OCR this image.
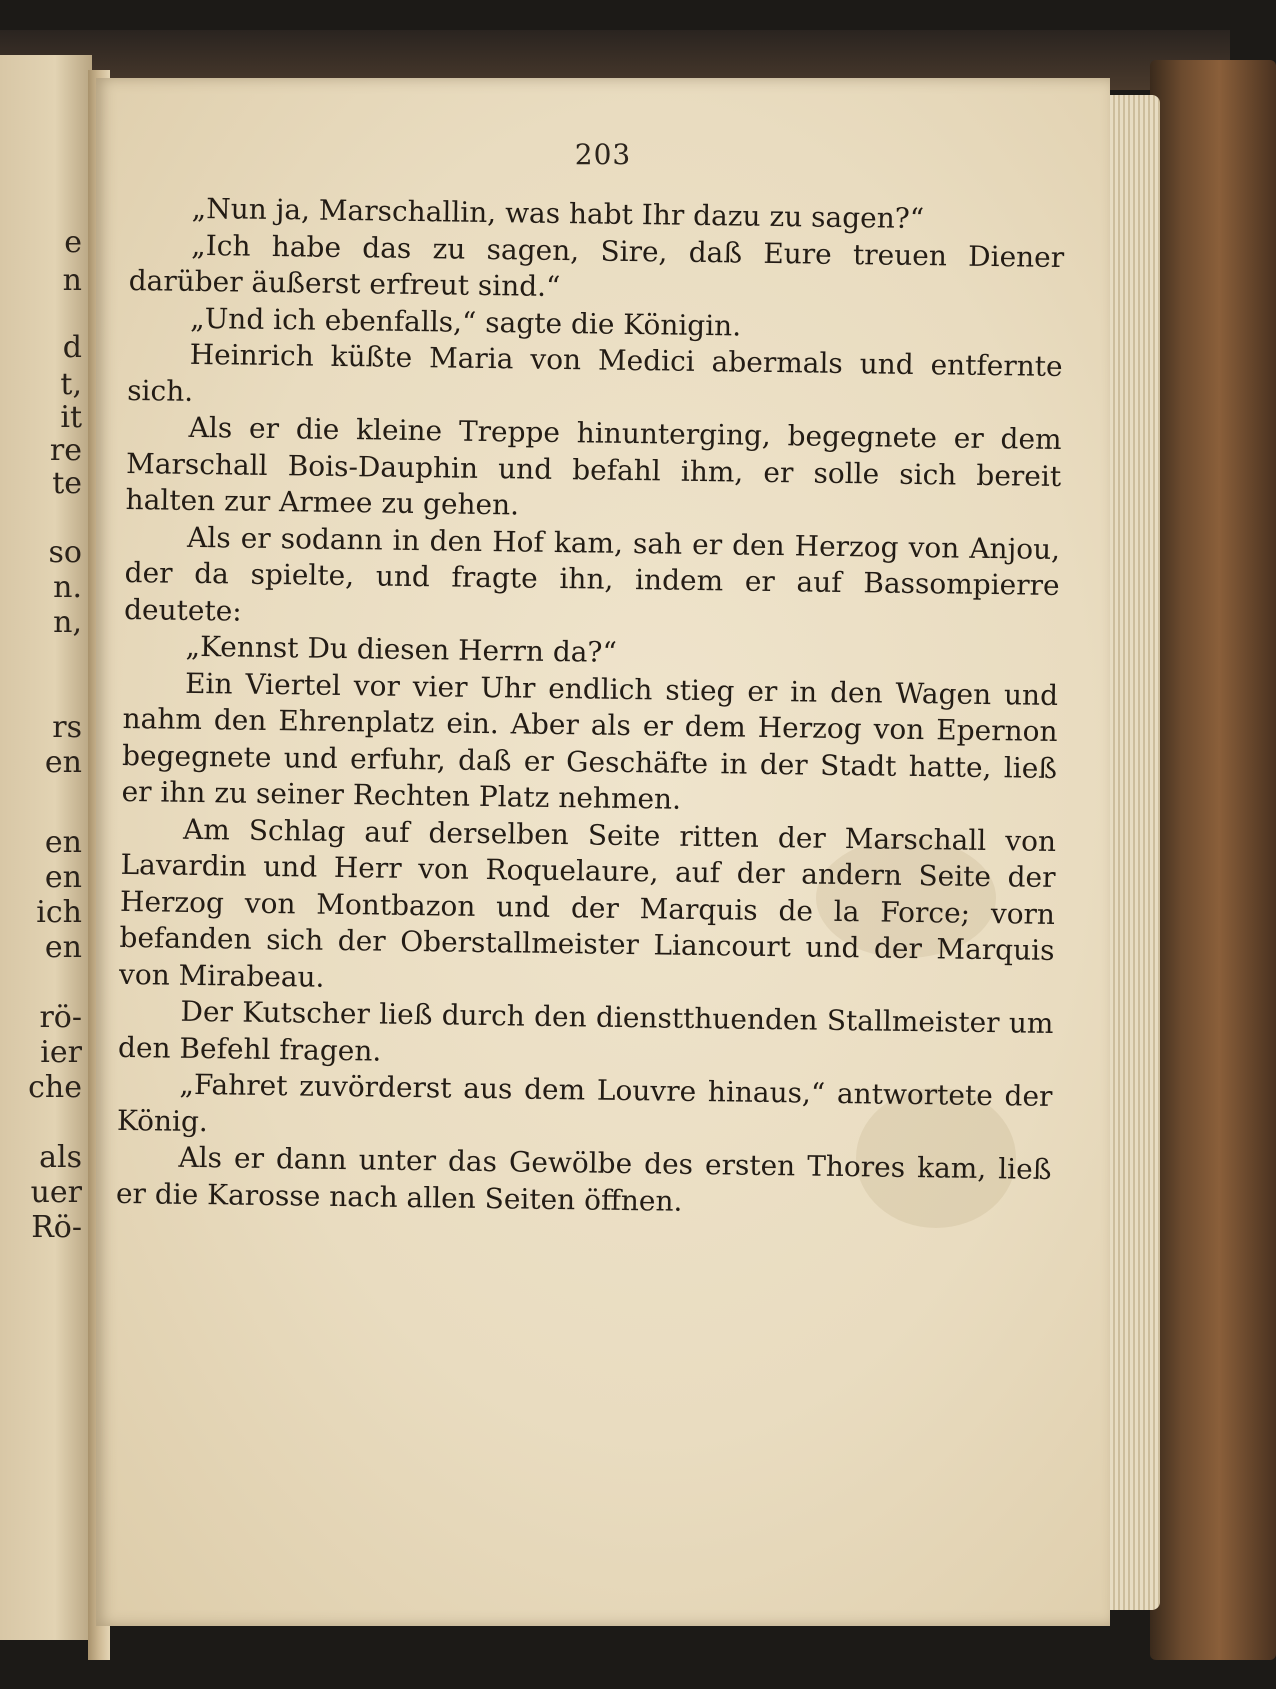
e
n
d
t,
it
re
te
so
n.
n,
rs
en
en
en
ich
en
rö-
ier
che
als
uer
Rö-
203

„Nun ja, Marschallin, was habt Ihr dazu zu sagen?“

„Ich habe das zu sagen, Sire, daß Eure treuen Diener darüber äußerst erfreut sind.“

„Und ich ebenfalls,“ sagte die Königin.

Heinrich küßte Maria von Medici abermals und entfernte sich.

Als er die kleine Treppe hinunterging, begegnete er dem Marschall Bois-Dauphin und befahl ihm, er solle sich bereit halten zur Armee zu gehen.

Als er sodann in den Hof kam, sah er den Herzog von Anjou, der da spielte, und fragte ihn, indem er auf Bassompierre deutete:

„Kennst Du diesen Herrn da?“

Ein Viertel vor vier Uhr endlich stieg er in den Wagen und nahm den Ehrenplatz ein. Aber als er dem Herzog von Epernon begegnete und erfuhr, daß er Geschäfte in der Stadt hatte, ließ er ihn zu seiner Rechten Platz nehmen.

Am Schlag auf derselben Seite ritten der Marschall von Lavardin und Herr von Roquelaure, auf der andern Seite der Herzog von Montbazon und der Marquis de la Force; vorn befanden sich der Oberstallmeister Liancourt und der Marquis von Mirabeau.

Der Kutscher ließ durch den dienstthuenden Stallmeister um den Befehl fragen.

„Fahret zuvörderst aus dem Louvre hinaus,“ antwortete der König.

Als er dann unter das Gewölbe des ersten Thores kam, ließ er die Karosse nach allen Seiten öffnen.
